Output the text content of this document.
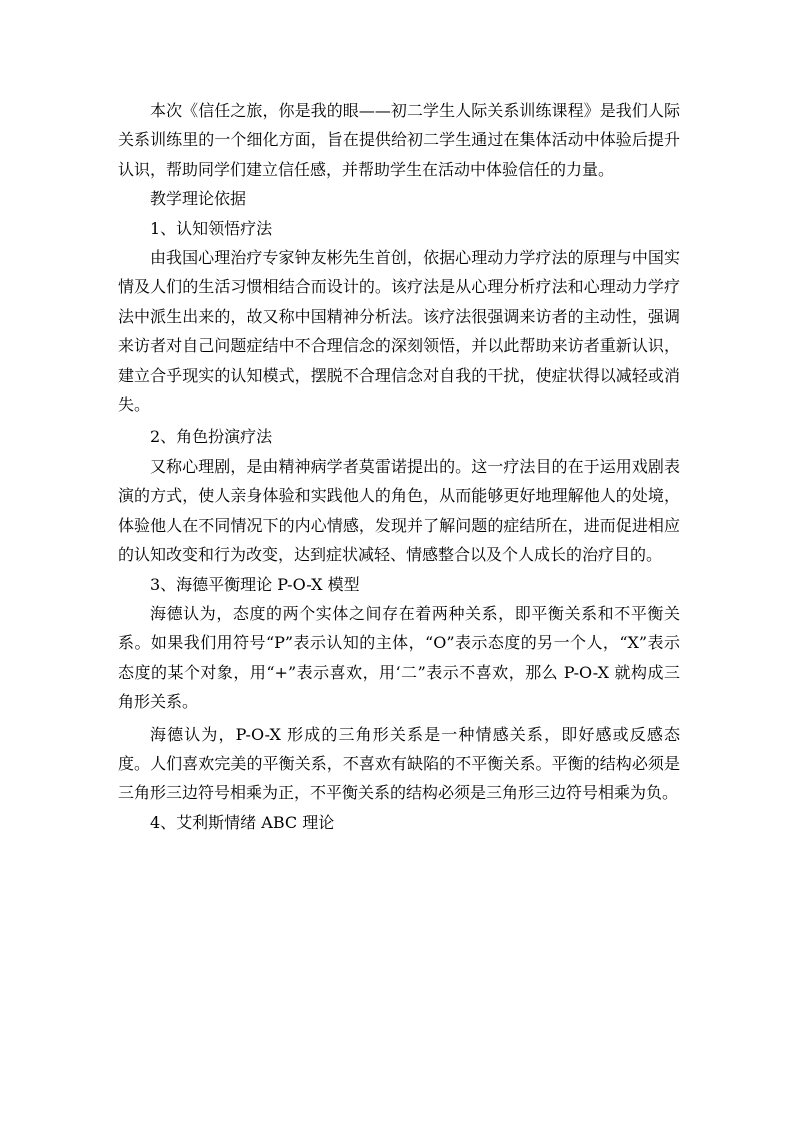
本次《信任之旅，你是我的眼——初二学生人际关系训练课程》是我们人际关系训练里的一个细化方面，旨在提供给初二学生通过在集体活动中体验后提升认识，帮助同学们建立信任感，并帮助学生在活动中体验信任的力量。

教学理论依据

1、认知领悟疗法

由我国心理治疗专家钟友彬先生首创，依据心理动力学疗法的原理与中国实情及人们的生活习惯相结合而设计的。该疗法是从心理分析疗法和心理动力学疗法中派生出来的，故又称中国精神分析法。该疗法很强调来访者的主动性，强调来访者对自己问题症结中不合理信念的深刻领悟，并以此帮助来访者重新认识，建立合乎现实的认知模式，摆脱不合理信念对自我的干扰，使症状得以减轻或消失。

2、角色扮演疗法

又称心理剧，是由精神病学者莫雷诺提出的。这一疗法目的在于运用戏剧表演的方式，使人亲身体验和实践他人的角色，从而能够更好地理解他人的处境，体验他人在不同情况下的内心情感，发现并了解问题的症结所在，进而促进相应的认知改变和行为改变，达到症状减轻、情感整合以及个人成长的治疗目的。

3、海德平衡理论 P-O-X 模型

海德认为，态度的两个实体之间存在着两种关系，即平衡关系和不平衡关系。如果我们用符号“P”表示认知的主体，“O”表示态度的另一个人，“X”表示态度的某个对象，用“+”表示喜欢，用‘二”表示不喜欢，那么 P-O-X 就构成三角形关系。

海德认为，P-O-X 形成的三角形关系是一种情感关系，即好感或反感态度。人们喜欢完美的平衡关系，不喜欢有缺陷的不平衡关系。平衡的结构必须是三角形三边符号相乘为正，不平衡关系的结构必须是三角形三边符号相乘为负。

4、艾利斯情绪 ABC 理论
